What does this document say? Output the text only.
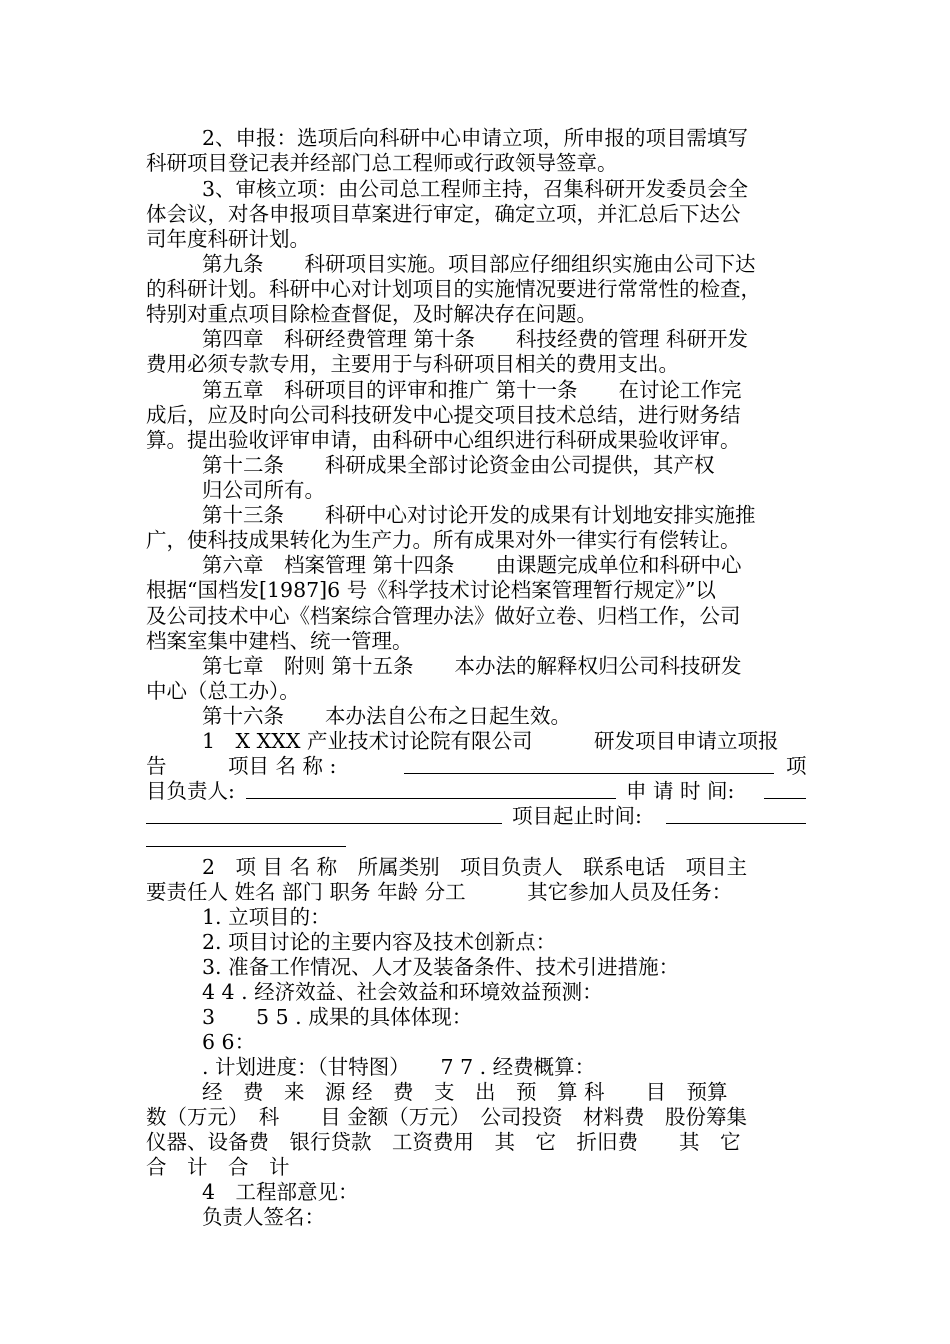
2、申报：选项后向科研中心申请立项，所申报的项目需填写
科研项目登记表并经部门总工程师或行政领导签章。
3、审核立项：由公司总工程师主持，召集科研开发委员会全
体会议，对各申报项目草案进行审定，确定立项，并汇总后下达公
司年度科研计划。
第九条　　科研项目实施。项目部应仔细组织实施由公司下达
的科研计划。科研中心对计划项目的实施情况要进行常常性的检查，
特别对重点项目除检查督促，及时解决存在问题。
第四章　科研经费管理 第十条　　科技经费的管理 科研开发
费用必须专款专用，主要用于与科研项目相关的费用支出。
第五章　科研项目的评审和推广 第十一条　　在讨论工作完
成后，应及时向公司科技研发中心提交项目技术总结，进行财务结
算。提出验收评审申请，由科研中心组织进行科研成果验收评审。
第十二条　　科研成果全部讨论资金由公司提供，其产权
归公司所有。
第十三条　　科研中心对讨论开发的成果有计划地安排实施推
广，使科技成果转化为生产力。所有成果对外一律实行有偿转让。
第六章　档案管理 第十四条　　由课题完成单位和科研中心
根据“国档发[1987]6 号《科学技术讨论档案管理暂行规定》”以
及公司技术中心《档案综合管理办法》做好立卷、归档工作，公司
档案室集中建档、统一管理。
第七章　附则 第十五条　　本办法的解释权归公司科技研发
中心（总工办）。
第十六条　　本办法自公布之日起生效。
1　X XXX 产业技术讨论院有限公司　　　研发项目申请立项报
告　　　项目 名 称 :	项
目负责人:	申 请 时 间:
项目起止时间:
2　项 目 名 称　所属类别　项目负责人　联系电话　项目主
要责任人 姓名 部门 职务 年龄 分工　　　其它参加人员及任务：
1. 立项目的：
2. 项目讨论的主要内容及技术创新点：
3. 准备工作情况、人才及装备条件、技术引进措施：
4 4 . 经济效益、社会效益和环境效益预测：
3　　5 5 . 成果的具体体现：
6 6：
. 计划进度：（甘特图）　　7 7 . 经费概算：
经　费　来　源 经　费　支　出　预　算 科　　目　预算
数（万元）　科　　目 金额（万元）　公司投资　材料费　股份筹集
仪器、设备费　银行贷款　工资费用　其　它　折旧费　　其　它
合　计　合　计
4　工程部意见：
负责人签名：
